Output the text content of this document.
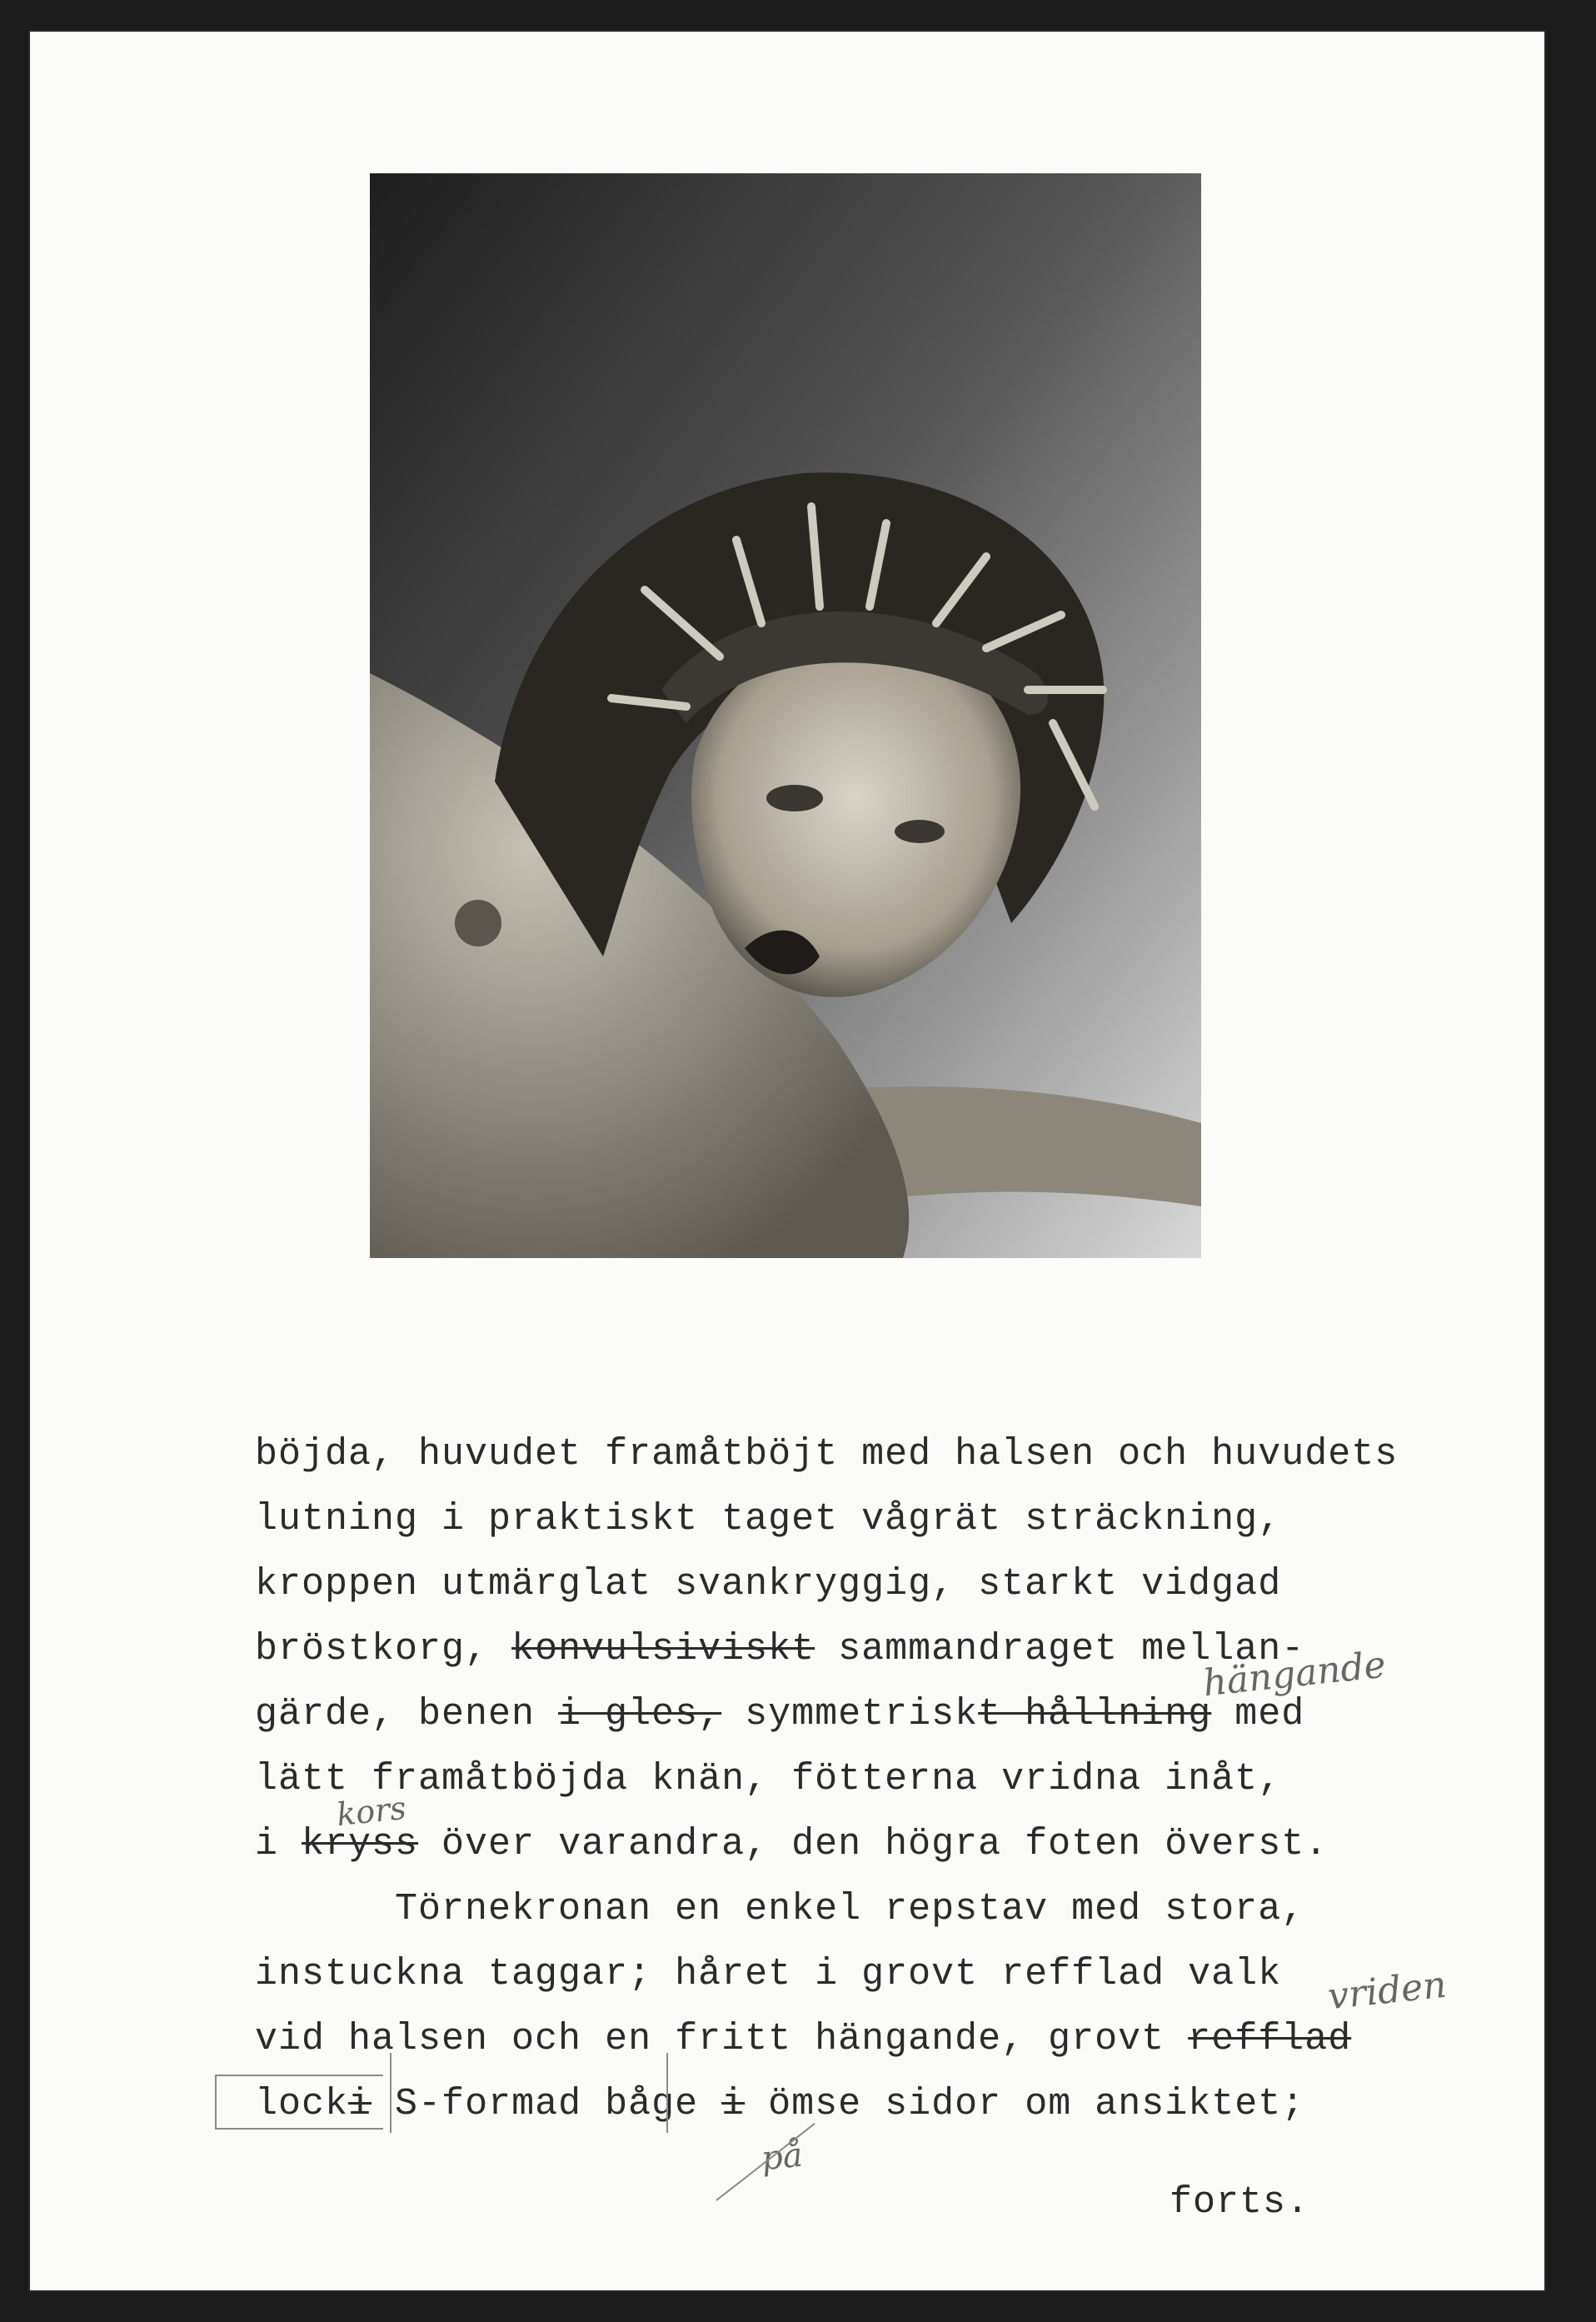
böjda, huvudet framåtböjt med halsen och huvudets
lutning i praktiskt taget vågrät sträckning,
kroppen utmärglat svankryggig, starkt vidgad
bröstkorg, konvulsiviskt sammandraget mellan-
gärde, benen i gles, symmetriskt hållning med
lätt framåtböjda knän, fötterna vridna inåt,
i kryss över varandra, den högra foten överst.
Törnekronan en enkel repstav med stora,
instuckna taggar; håret i grovt refflad valk
vid halsen och en fritt hängande, grovt refflad
locki S-formad båge i ömse sidor om ansiktet;
forts.
hängande
kors
vriden
på
